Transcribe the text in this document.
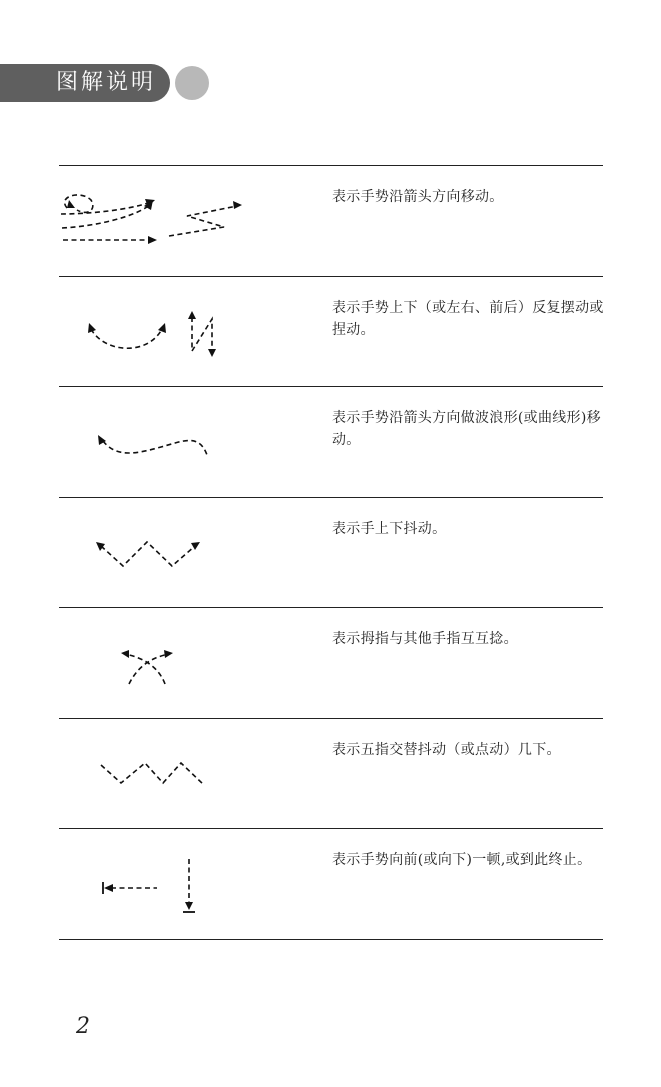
图解说明
表示手势沿箭头方向移动。
表示手势上下（或左右、前后）反复摆动或捏动。
表示手势沿箭头方向做波浪形(或曲线形)移动。
表示手上下抖动。
表示拇指与其他手指互互捻。
表示五指交替抖动（或点动）几下。
表示手势向前(或向下)一顿,或到此终止。
2
